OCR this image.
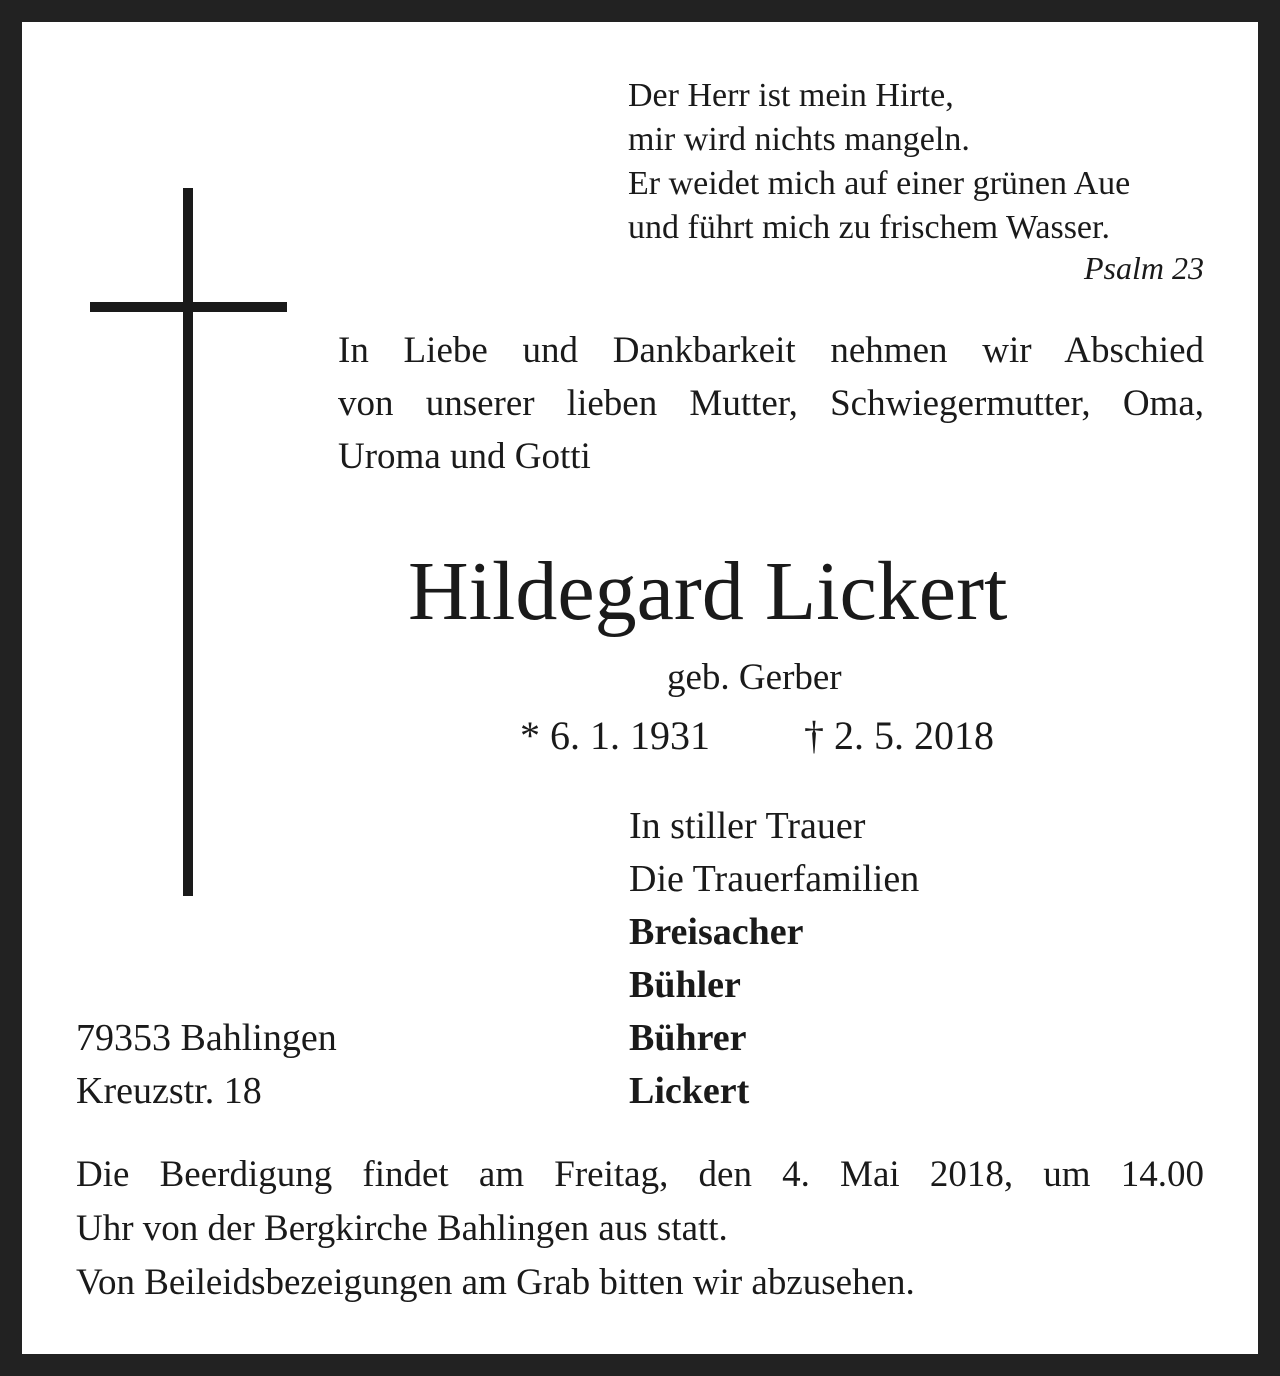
Der Herr ist mein Hirte,
mir wird nichts mangeln.
Er weidet mich auf einer grünen Aue
und führt mich zu frischem Wasser.
Psalm 23
In Liebe und Dankbarkeit nehmen wir Abschied
von unserer lieben Mutter, Schwiegermutter, Oma,
Uroma und Gotti
Hildegard Lickert
geb. Gerber
* 6. 1. 1931 † 2. 5. 2018
In stiller Trauer
Die Trauerfamilien
Breisacher
Bühler
Bührer
Lickert
79353 Bahlingen
Kreuzstr. 18
Die Beerdigung findet am Freitag, den 4. Mai 2018, um 14.00
Uhr von der Bergkirche Bahlingen aus statt.
Von Beileidsbezeigungen am Grab bitten wir abzusehen.
